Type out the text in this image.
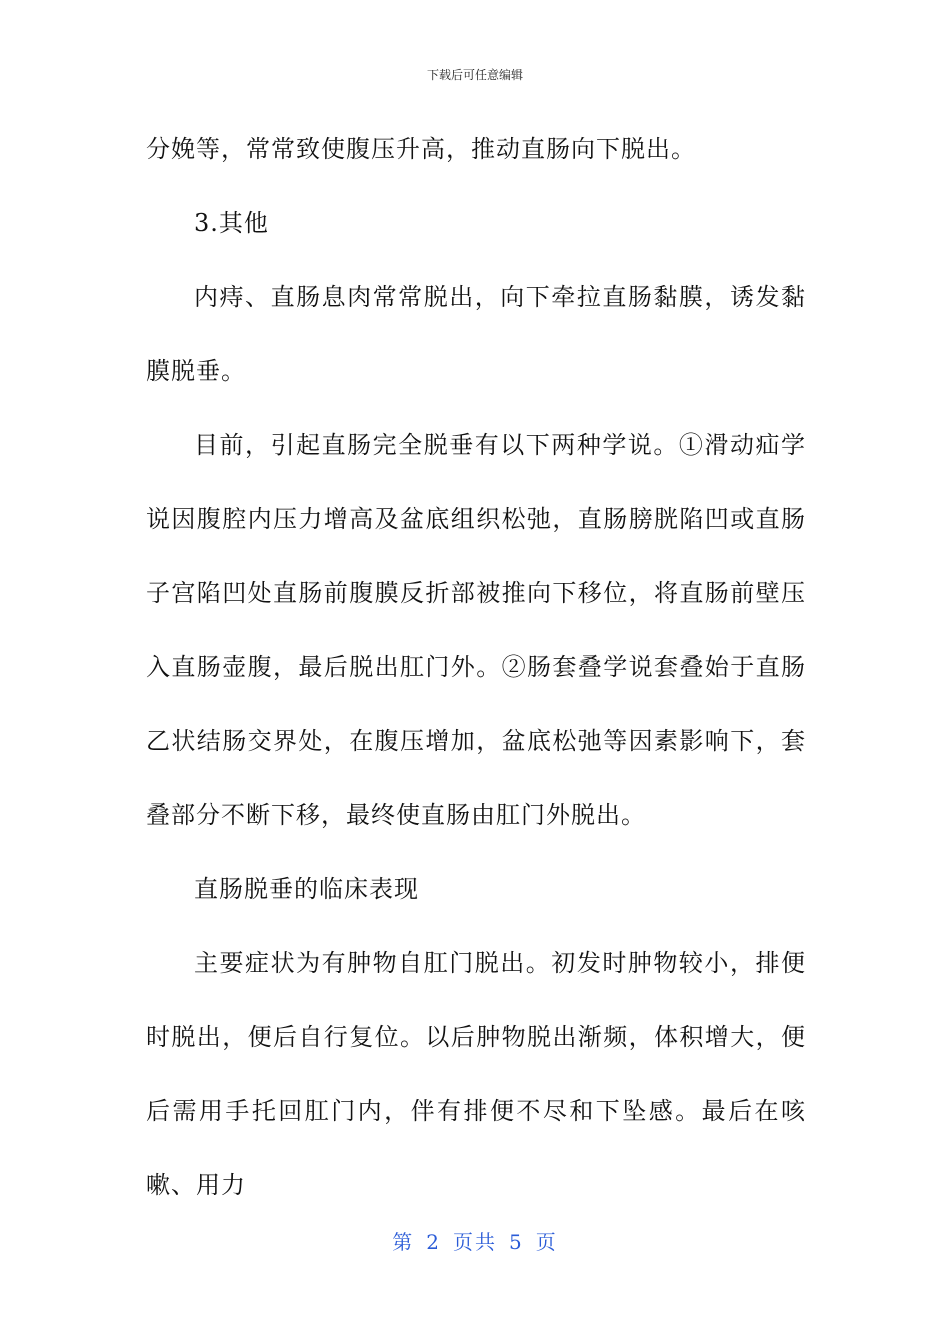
下载后可任意编辑

分娩等，常常致使腹压升高，推动直肠向下脱出。

3.其他

内痔、直肠息肉常常脱出，向下牵拉直肠黏膜，诱发黏膜脱垂。

目前，引起直肠完全脱垂有以下两种学说。①滑动疝学说因腹腔内压力增高及盆底组织松弛，直肠膀胱陷凹或直肠子宫陷凹处直肠前腹膜反折部被推向下移位，将直肠前壁压入直肠壶腹，最后脱出肛门外。②肠套叠学说套叠始于直肠乙状结肠交界处，在腹压增加，盆底松弛等因素影响下，套叠部分不断下移，最终使直肠由肛门外脱出。

直肠脱垂的临床表现

主要症状为有肿物自肛门脱出。初发时肿物较小，排便时脱出，便后自行复位。以后肿物脱出渐频，体积增大，便后需用手托回肛门内，伴有排便不尽和下坠感。最后在咳嗽、用力

第 2 页共 5 页
